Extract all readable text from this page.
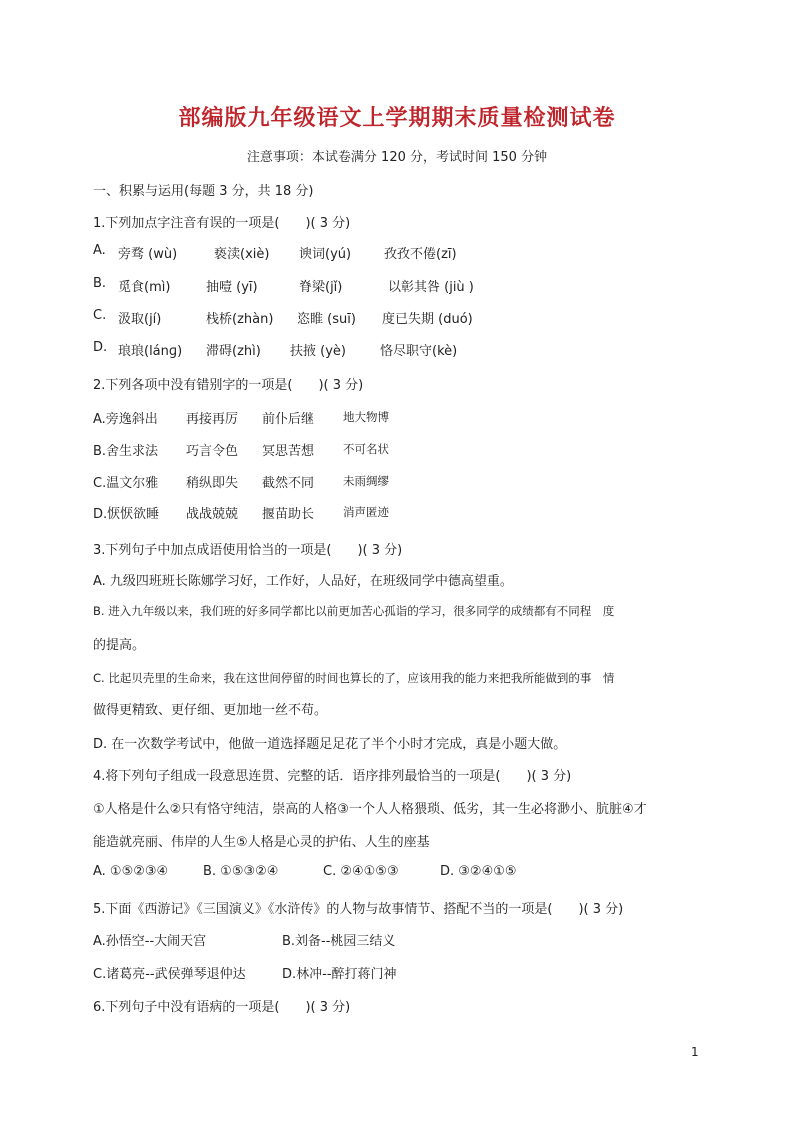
部编版九年级语文上学期期末质量检测试卷
注意事项：本试卷满分 120 分，考试时间 150 分钟
一、积累与运用(每题 3 分，共 18 分)
1.下列加点字注音有误的一项是(　　)( 3 分)
A. 旁骛 (wù)	亵渎(xiè) 谀词(yú)	孜孜不倦(zī)
B. 觅食(mì)	抽噎 (yī)	脊梁(jǐ)	以彰其咎 (jiù )
C. 汲取(jí)	栈桥(zhàn) 恣睢 (suī) 度已失期 (duó)
D. 琅琅(lánɡ) 滞碍(zhì) 扶掖 (yè)	恪尽职守(kè)
2.下列各项中没有错别字的一项是(　　)( 3 分)
A.旁逸斜出 再接再厉 前仆后继	地大物博
B.舍生求法 巧言令色 冥思苦想	不可名状
C.温文尔雅 稍纵即失 截然不同	未雨绸缪
D.恹恹欲睡 战战兢兢 揠苗助长	消声匿迹
3.下列句子中加点成语使用恰当的一项是(　　)( 3 分)
A. 九级四班班长陈娜学习好，工作好，人品好，在班级同学中德高望重。
B. 进入九年级以来，我们班的好多同学都比以前更加苦心孤诣的学习，很多同学的成绩都有不同程　度
的提高。
C. 比起贝壳里的生命来，我在这世间停留的时间也算长的了，应该用我的能力来把我所能做到的事　情
做得更精致、更仔细、更加地一丝不苟。
D. 在一次数学考试中，他做一道选择题足足花了半个小时才完成，真是小题大做。
4.将下列句子组成一段意思连贯、完整的话．语序排列最恰当的一项是(　　)( 3 分)
①人格是什么②只有恪守纯洁，崇高的人格③一个人人格猥琐、低劣，其一生必将渺小、肮脏④才
能造就亮丽、伟岸的人生⑤人格是心灵的护佑、人生的座基
A. ①⑤②③④	B. ①⑤③②④	C. ②④①⑤③	D. ③②④①⑤
5.下面《西游记》《三国演义》《水浒传》的人物与故事情节、搭配不当的一项是(　　)( 3 分)
A.孙悟空--大闹天宫	B.刘备--桃园三结义
C.诸葛亮--武侯弹琴退仲达	D.林冲--醉打蒋门神
6.下列句子中没有语病的一项是(　　)( 3 分)
1
